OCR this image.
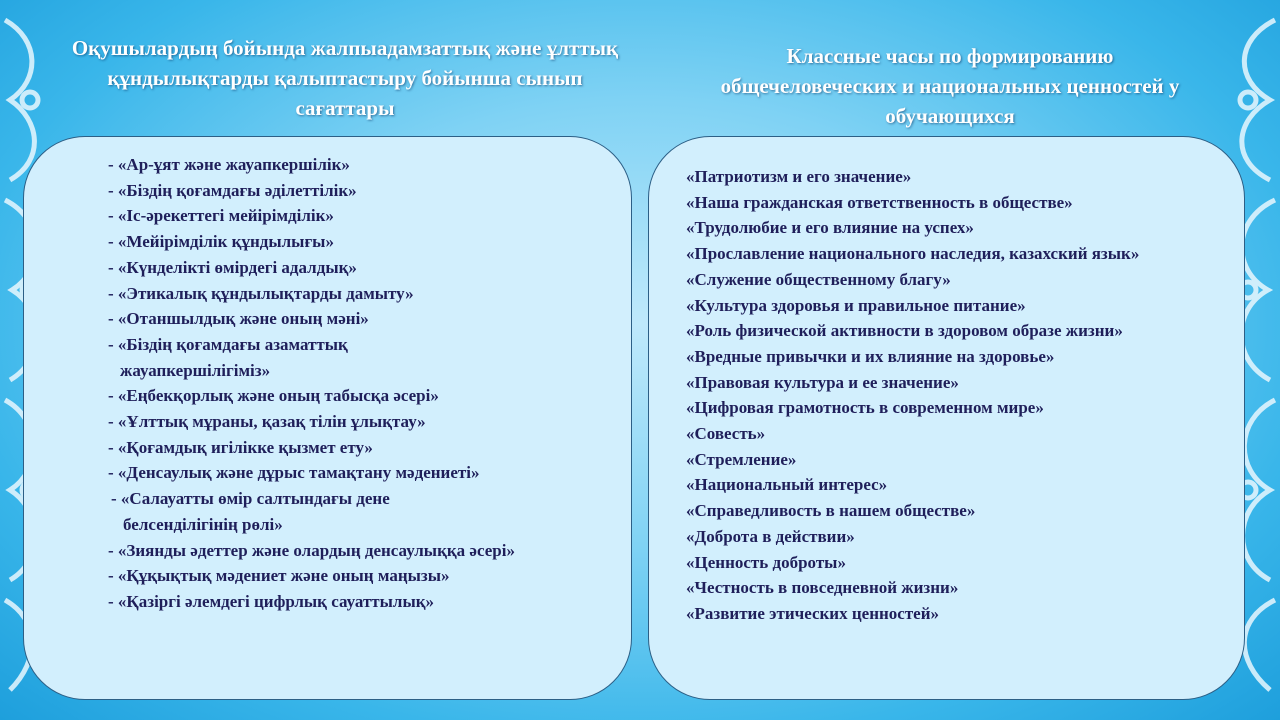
Оқушылардың бойында жалпыадамзаттық және ұлттық құндылықтарды қалыптастыру бойынша сынып сағаттары
Классные часы по формированию общечеловеческих и национальных ценностей у обучающихся
- «Ар-ұят және жауапкершілік»
- «Біздің қоғамдағы әділеттілік»
- «Іс-әрекеттегі мейірімділік»
- «Мейірімділік құндылығы»
- «Күнделікті өмірдегі адалдық»
- «Этикалық құндылықтарды дамыту»
- «Отаншылдық және оның мәні»
- «Біздің қоғамдағы азаматтық жауапкершілігіміз»
- «Еңбекқорлық және оның табысқа әсері»
- «Ұлттық мұраны, қазақ тілін ұлықтау»
- «Қоғамдық игілікке қызмет ету»
- «Денсаулық және дұрыс тамақтану мәдениеті»
- «Салауатты өмір салтындағы дене белсенділігінің рөлі»
- «Зиянды әдеттер және олардың денсаулыққа әсері»
- «Құқықтық мәдениет және оның маңызы»
- «Қазіргі әлемдегі цифрлық сауаттылық»
«Патриотизм и его значение»
«Наша гражданская ответственность в обществе»
«Трудолюбие и его влияние на успех»
«Прославление национального наследия, казахский язык»
«Служение общественному благу»
«Культура здоровья и правильное питание»
«Роль физической активности в здоровом образе жизни»
«Вредные привычки и их влияние на здоровье»
«Правовая культура и ее значение»
«Цифровая грамотность в современном мире»
«Совесть»
«Стремление»
«Национальный интерес»
«Справедливость в нашем обществе»
«Доброта в действии»
«Ценность доброты»
«Честность в повседневной жизни»
«Развитие этических ценностей»
